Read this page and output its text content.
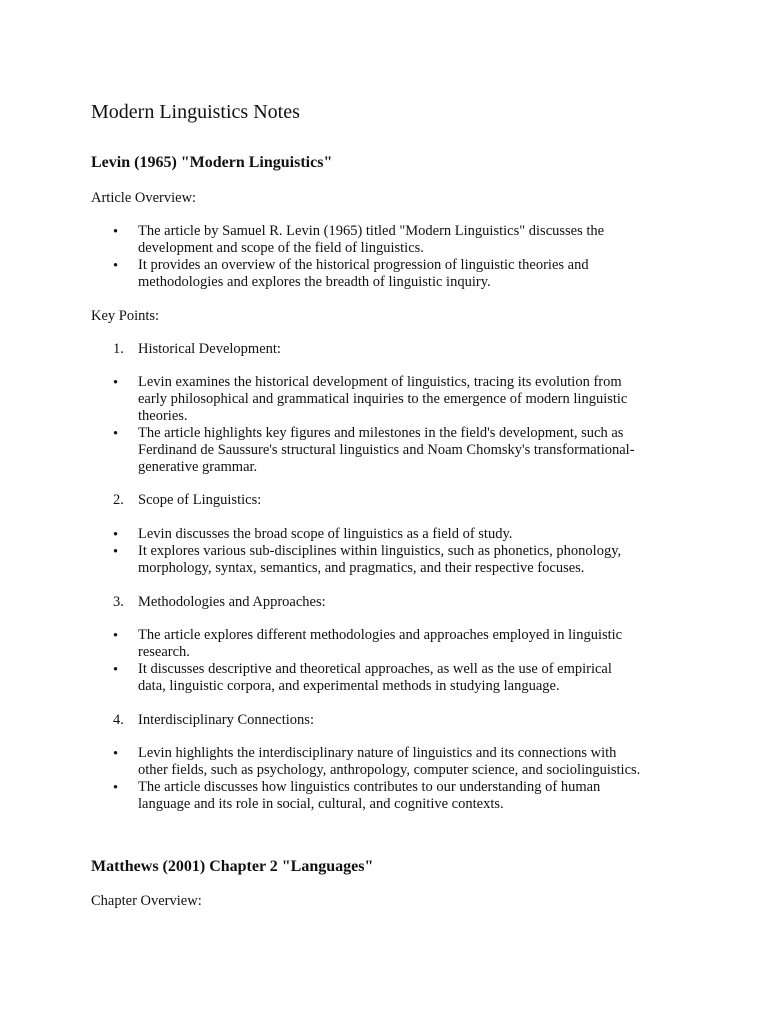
Modern Linguistics Notes
Levin (1965) "Modern Linguistics"

Article Overview:

• The article by Samuel R. Levin (1965) titled "Modern Linguistics" discusses the
development and scope of the field of linguistics.

• It provides an overview of the historical progression of linguistic theories and
methodologies and explores the breadth of linguistic inquiry.

Key Points:

1. Historical Development:
• Levin examines the historical development of linguistics, tracing its evolution from
early philosophical and grammatical inquiries to the emergence of modern linguistic
theories.

• The article highlights key figures and milestones in the field's development, such as
Ferdinand de Saussure's structural linguistics and Noam Chomsky's transformational-
generative grammar.

2. Scope of Linguistics:
• Levin discusses the broad scope of linguistics as a field of study.

• It explores various sub-disciplines within linguistics, such as phonetics, phonology,
morphology, syntax, semantics, and pragmatics, and their respective focuses.

3. Methodologies and Approaches:
• The article explores different methodologies and approaches employed in linguistic
research.

• It discusses descriptive and theoretical approaches, as well as the use of empirical
data, linguistic corpora, and experimental methods in studying language.

4. Interdisciplinary Connections:
• Levin highlights the interdisciplinary nature of linguistics and its connections with
other fields, such as psychology, anthropology, computer science, and sociolinguistics.

• The article discusses how linguistics contributes to our understanding of human
language and its role in social, cultural, and cognitive contexts.

Matthews (2001) Chapter 2 "Languages"

Chapter Overview:
